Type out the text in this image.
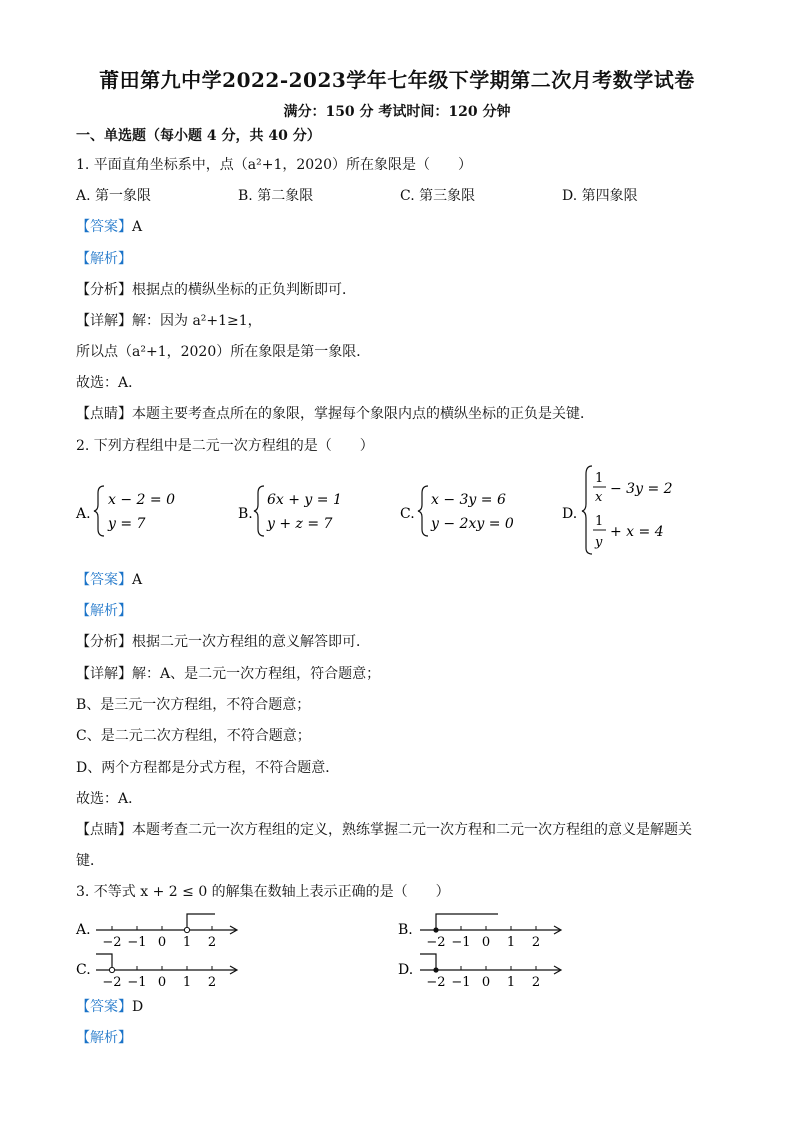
莆田第九中学2022-2023学年七年级下学期第二次月考数学试卷
满分：150 分 考试时间：120 分钟
一、单选题（每小题 4 分，共 40 分）
1. 平面直角坐标系中，点（a²+1，2020）所在象限是（　　）
A. 第一象限	B. 第二象限	C. 第三象限	D. 第四象限
【答案】A
【解析】
【分析】根据点的横纵坐标的正负判断即可．
【详解】解：因为 a²+1≥1，
所以点（a²+1，2020）所在象限是第一象限．
故选：A．
【点睛】本题主要考查点所在的象限，掌握每个象限内点的横纵坐标的正负是关键．
2. 下列方程组中是二元一次方程组的是（　　）
A.
x − 2 = 0
y = 7
B.
6x + y = 1
y + z = 7
C.
x − 3y = 6
y − 2xy = 0
D.
1
x
− 3y = 2
1
y
+ x = 4
【答案】A
【解析】
【分析】根据二元一次方程组的意义解答即可．
【详解】解：A、是二元一次方程组，符合题意；
B、是三元一次方程组，不符合题意；
C、是二元二次方程组，不符合题意；
D、两个方程都是分式方程，不符合题意．
故选：A．
【点睛】本题考查二元一次方程组的定义，熟练掌握二元一次方程和二元一次方程组的意义是解题关
键．
3. 不等式 x + 2 ≤ 0 的解集在数轴上表示正确的是（　　）
A.	B.
C.	D.
−2 −1 0 1 2	−2 −1 0 1 2
−2 −1 0 1 2	−2 −1 0 1 2
【答案】D
【解析】
